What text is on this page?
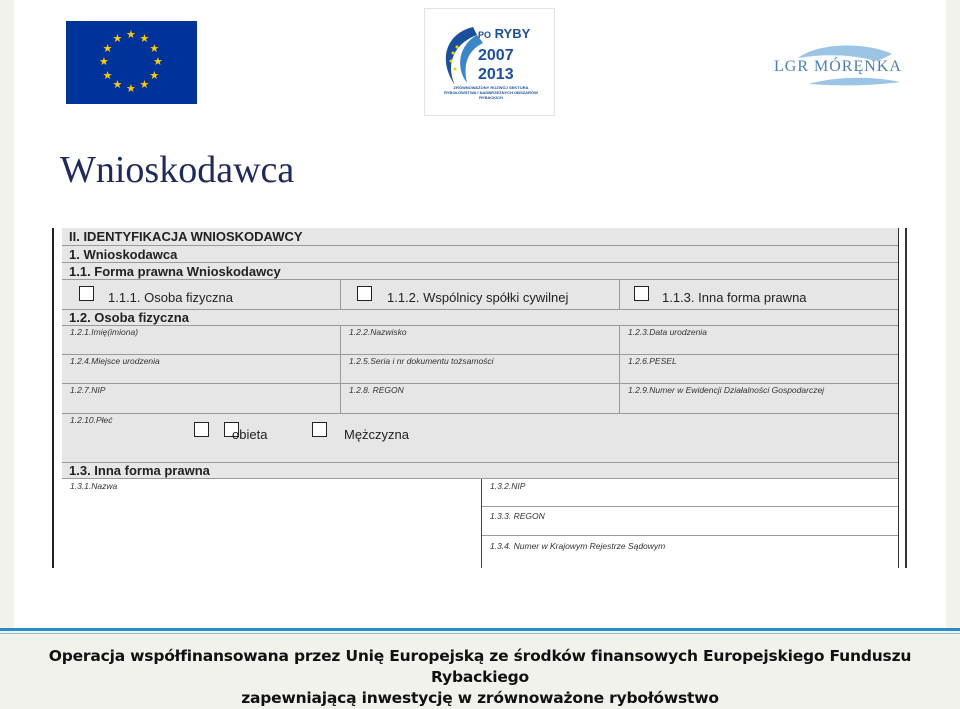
★ ★
★
★
★
★
★
★
★
★
★
★	PO RYBY
2007
2013
ZRÓWNOWAŻONY ROZWÓJ SEKTORA RYBOŁÓWSTWA I NADBRZEŻNYCH OBSZARÓW RYBACKICH
LGR MÓRĘNKA
Wnioskodawca
II. IDENTYFIKACJA WNIOSKODAWCY
1. Wnioskodawca
1.1. Forma prawna Wnioskodawcy
1.1.1. Osoba fizyczna	1.1.2. Wspólnicy spółki cywilnej	1.1.3. Inna forma prawna
1.2. Osoba fizyczna
1.2.1.Imię(imiona)	1.2.2.Nazwisko	1.2.3.Data urodzenia
1.2.4.Miejsce urodzenia	1.2.5.Seria i nr dokumentu tożsamości	1.2.6.PESEL
1.2.7.NIP	1.2.8. REGON	1.2.9.Numer w Ewidencji Działalności Gospodarczej
1.2.10.Płeć
obieta	Mężczyzna
1.3. Inna forma prawna
1.3.1.Nazwa	1.3.2.NIP
1.3.3. REGON
1.3.4. Numer w Krajowym Rejestrze Sądowym
Operacja współfinansowana przez Unię Europejską ze środków finansowych Europejskiego Funduszu Rybackiego
zapewniającą inwestycję w zrównoważone rybołówstwo
